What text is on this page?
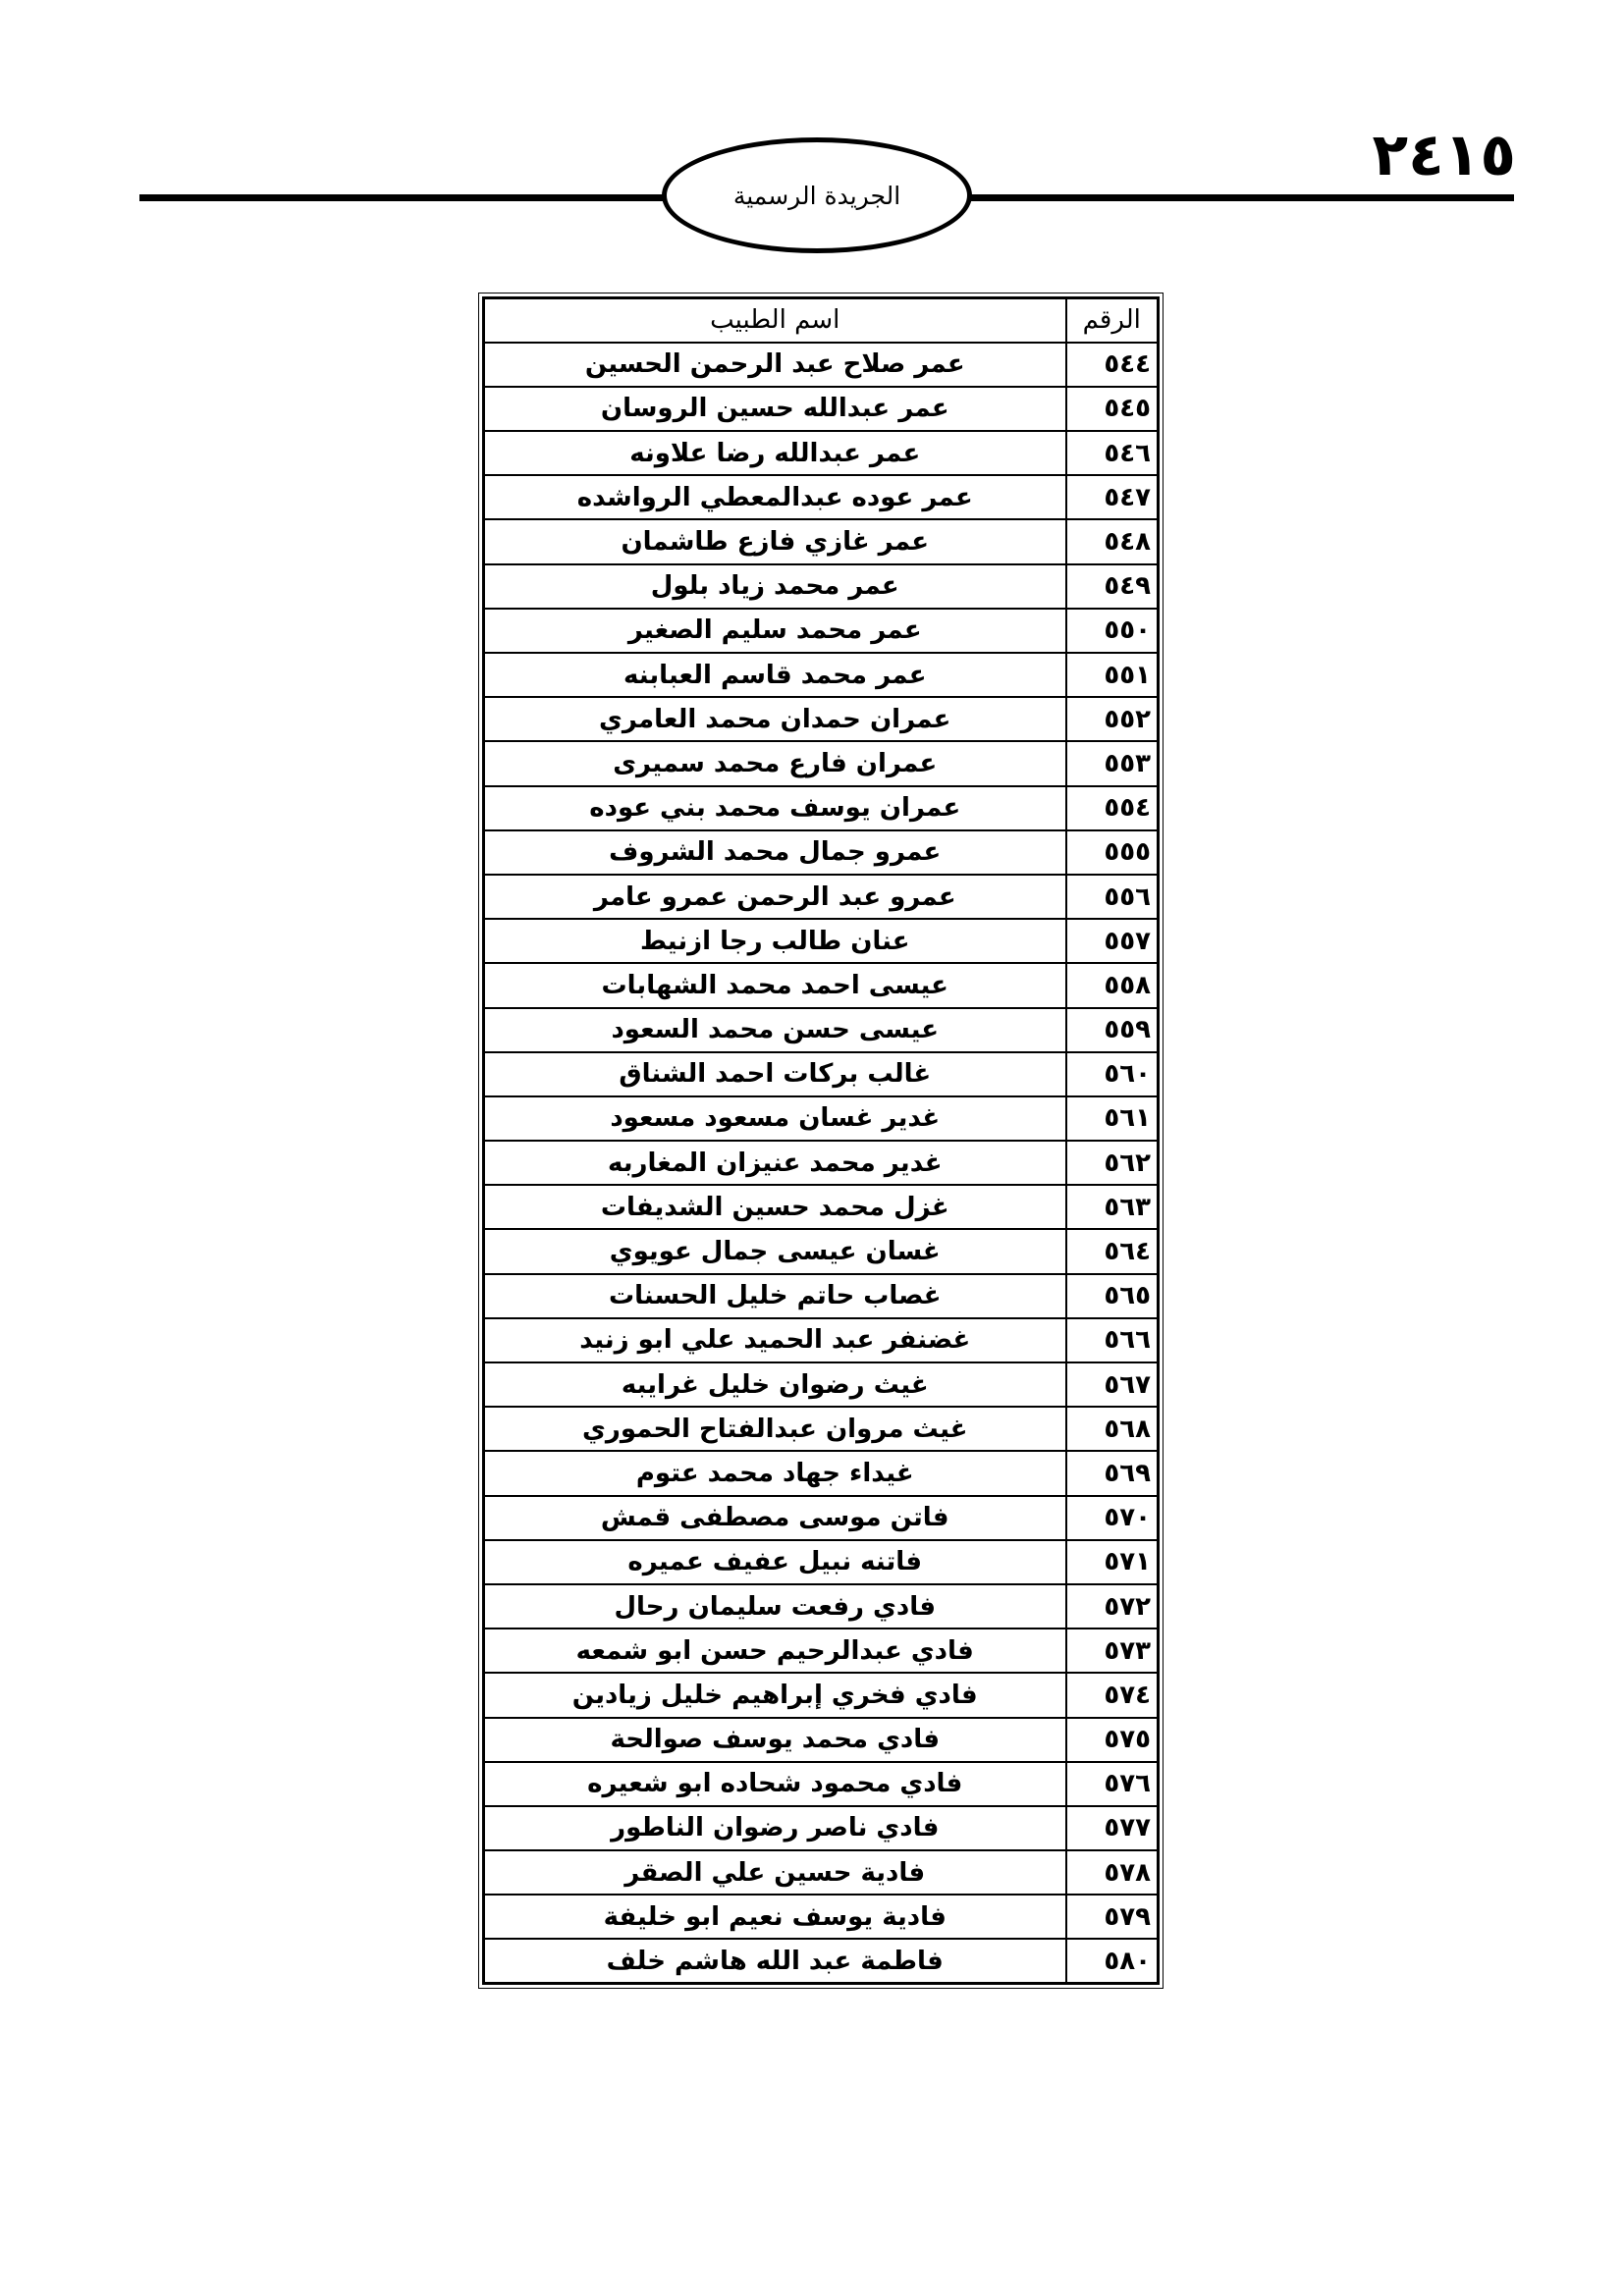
٢٤١٥
الجريدة الرسمية
الرقم	اسم الطبيب
٥٤٤	عمر صلاح عبد الرحمن الحسين
٥٤٥	عمر عبدالله حسين الروسان
٥٤٦	عمر عبدالله رضا علاونه
٥٤٧	عمر عوده عبدالمعطي الرواشده
٥٤٨	عمر غازي فازع طاشمان
٥٤٩	عمر محمد زياد بلول
٥٥٠	عمر محمد سليم الصغير
٥٥١	عمر محمد قاسم العبابنه
٥٥٢	عمران حمدان محمد العامري
٥٥٣	عمران فارع محمد سميرى
٥٥٤	عمران يوسف محمد بني عوده
٥٥٥	عمرو جمال محمد الشروف
٥٥٦	عمرو عبد الرحمن عمرو عامر
٥٥٧	عنان طالب رجا ازنيط
٥٥٨	عيسى احمد محمد الشهابات
٥٥٩	عيسى حسن محمد السعود
٥٦٠	غالب بركات احمد الشناق
٥٦١	غدير غسان مسعود مسعود
٥٦٢	غدير محمد عنيزان المغاربه
٥٦٣	غزل محمد حسين الشديفات
٥٦٤	غسان عيسى جمال عويوي
٥٦٥	غصاب حاتم خليل الحسنات
٥٦٦	غضنفر عبد الحميد علي ابو زنيد
٥٦٧	غيث رضوان خليل غرايبه
٥٦٨	غيث مروان عبدالفتاح الحموري
٥٦٩	غيداء جهاد محمد عتوم
٥٧٠	فاتن موسى مصطفى قمش
٥٧١	فاتنه نبيل عفيف عميره
٥٧٢	فادي رفعت سليمان رحال
٥٧٣	فادي عبدالرحيم حسن ابو شمعه
٥٧٤	فادي فخري إبراهيم خليل زيادين
٥٧٥	فادي محمد يوسف صوالحة
٥٧٦	فادي محمود شحاده ابو شعيره
٥٧٧	فادي ناصر رضوان الناطور
٥٧٨	فادية حسين علي الصقر
٥٧٩	فادية يوسف نعيم ابو خليفة
٥٨٠	فاطمة عبد الله هاشم خلف
